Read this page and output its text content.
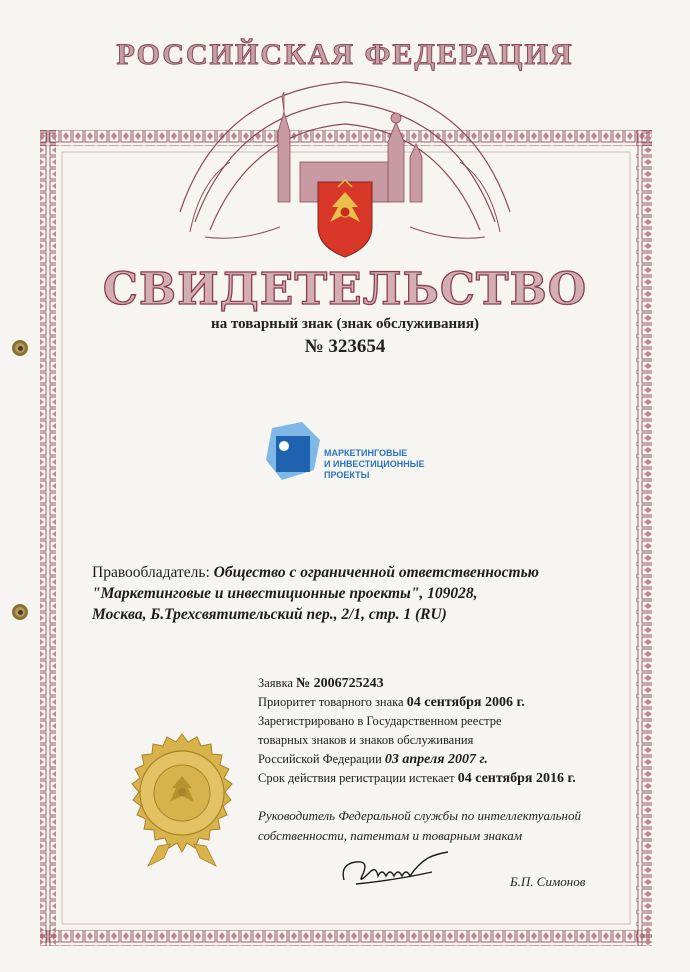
РОССИЙСКАЯ ФЕДЕРАЦИЯ
СВИДЕТЕЛЬСТВО
на товарный знак (знак обслуживания)
№ 323654
МАРКЕТИНГОВЫЕ
И ИНВЕСТИЦИОННЫЕ
ПРОЕКТЫ
Правообладатель: Общество с ограниченной ответственностью
"Маркетинговые и инвестиционные проекты", 109028,
Москва, Б.Трехсвятительский пер., 2/1, стр. 1 (RU)
Заявка № 2006725243
Приоритет товарного знака 04 сентября 2006 г.
Зарегистрировано в Государственном реестре
товарных знаков и знаков обслуживания
Российской Федерации 03 апреля 2007 г.
Срок действия регистрации истекает 04 сентября 2016 г.
Руководитель Федеральной службы по интеллектуальной
собственности, патентам и товарным знакам
Б.П. Симонов
